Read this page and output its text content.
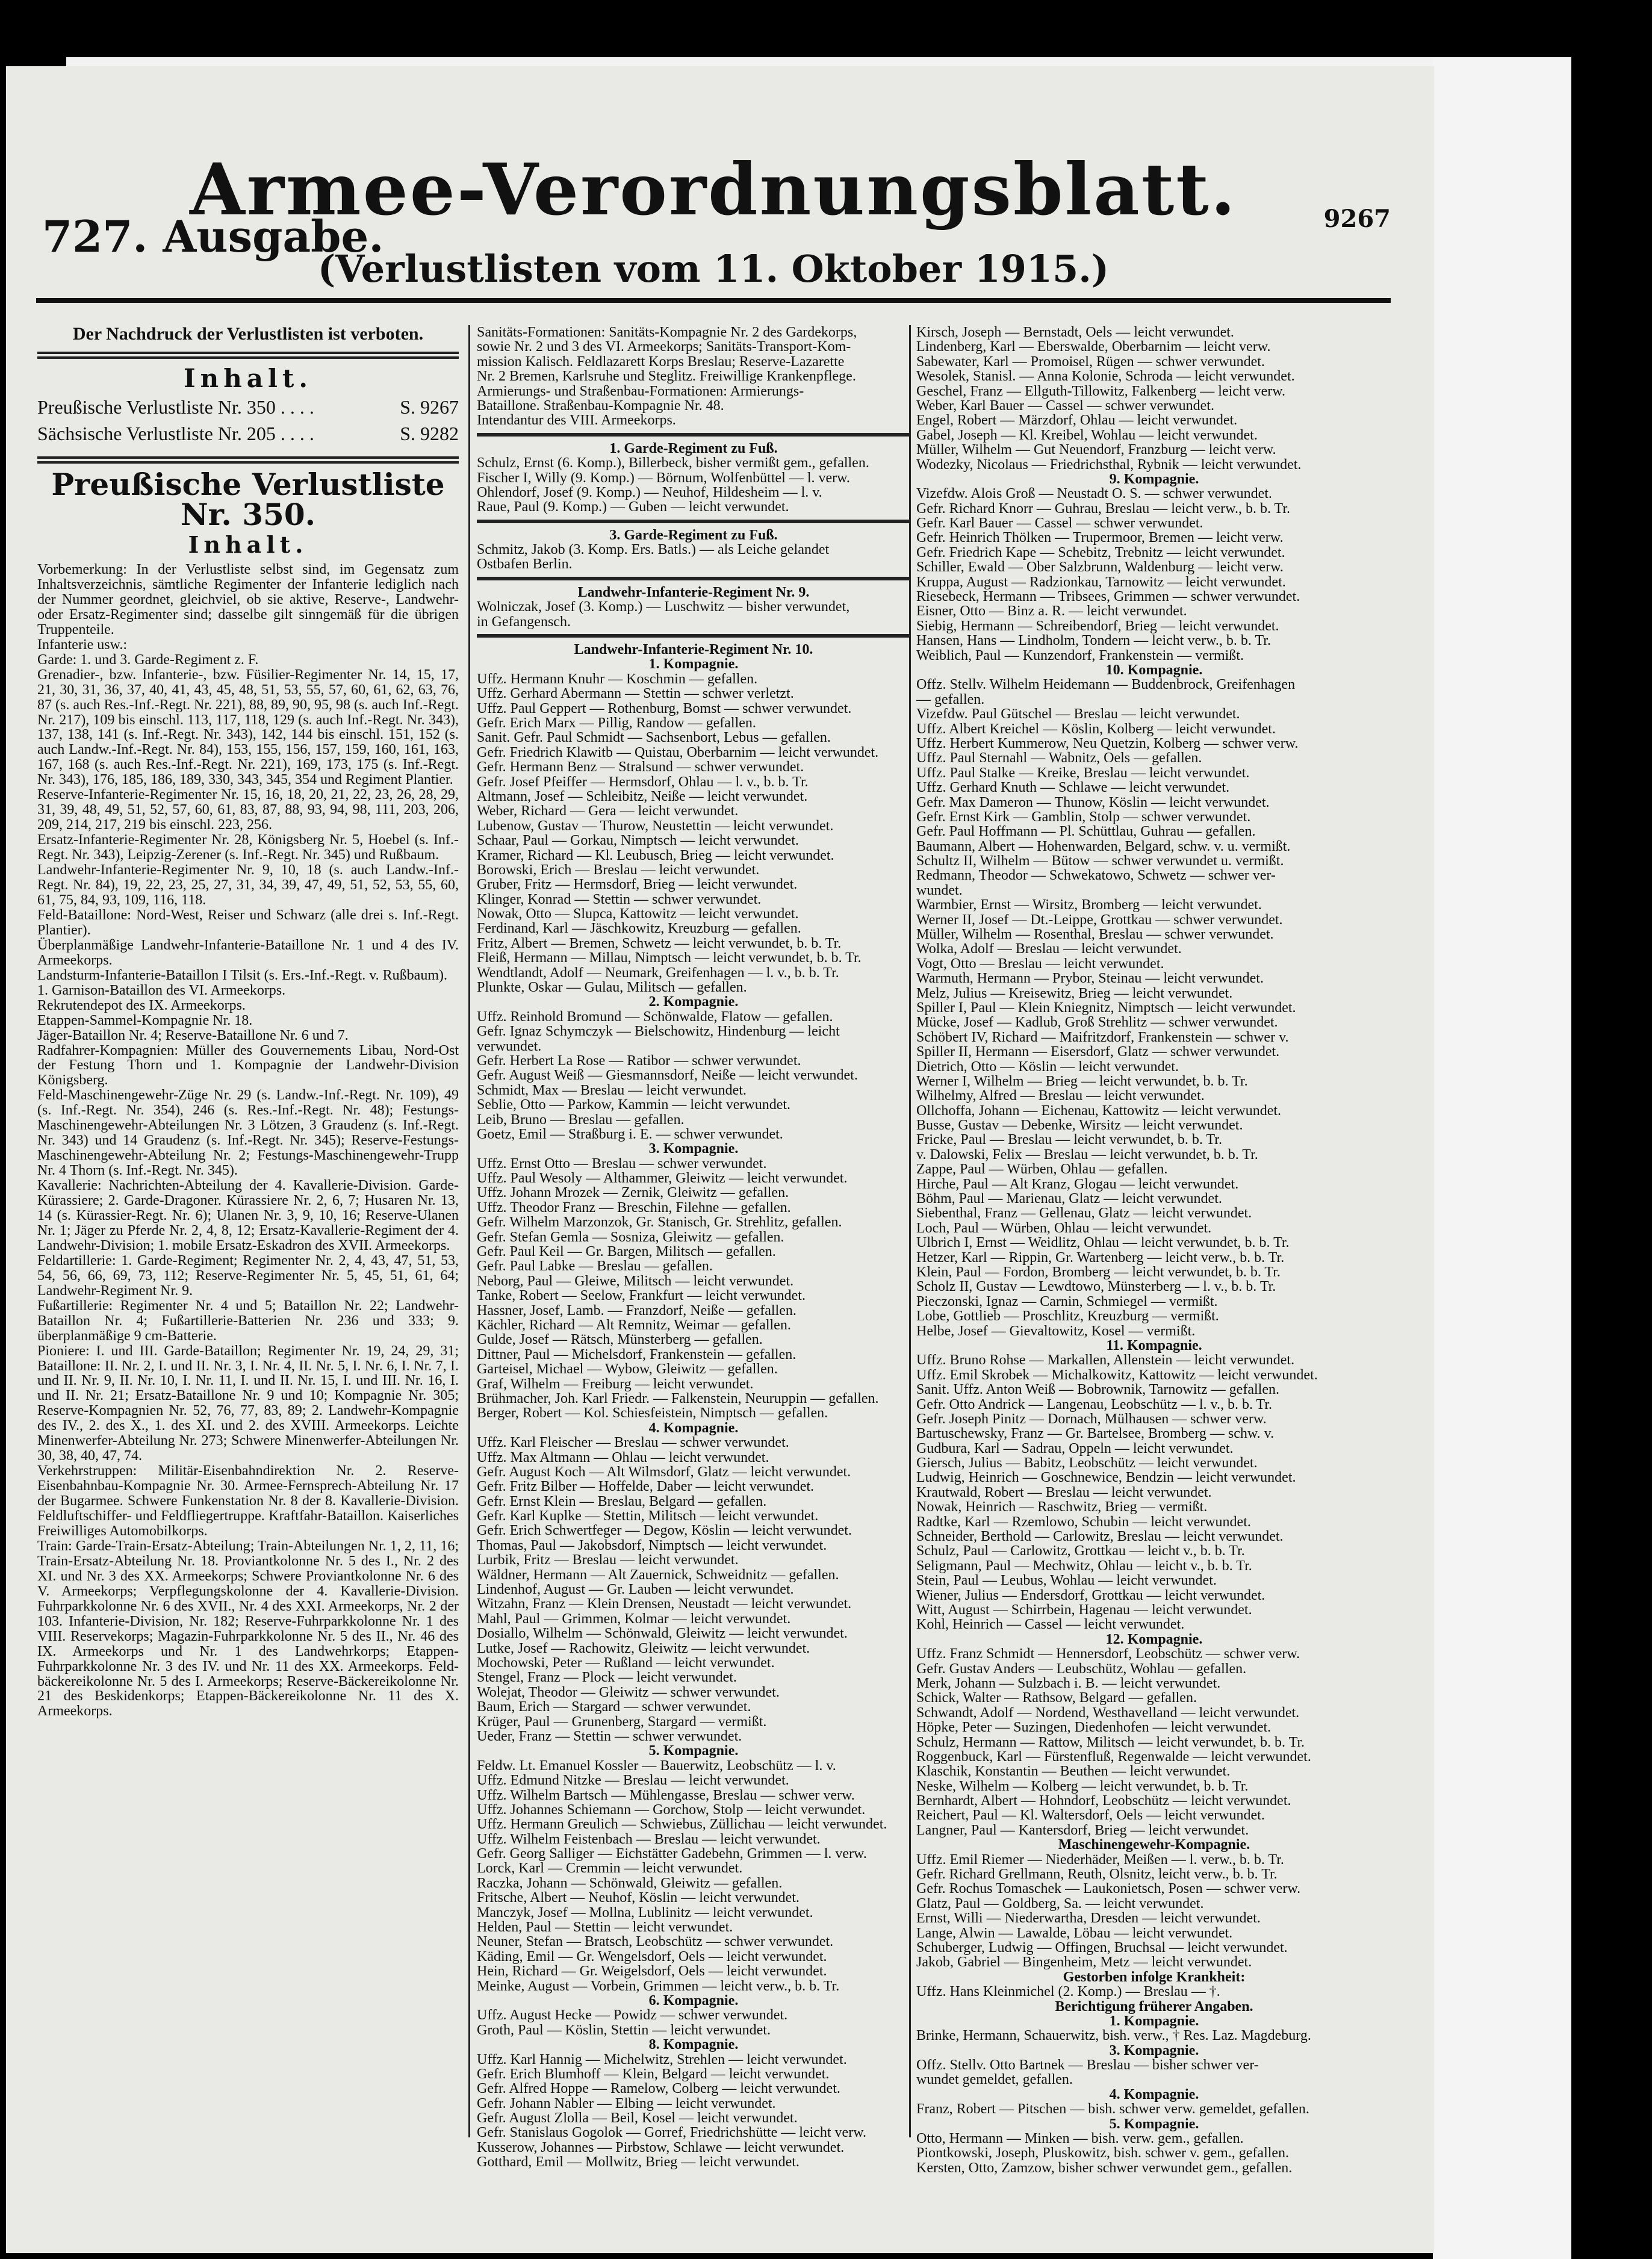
727. Ausgabe.
Armee-Verordnungsblatt.
(Verlustlisten vom 11. Oktober 1915.)
9267
Der Nachdruck der Verlustlisten ist verboten.
Inhalt.
Preußische Verlustliste Nr. 350 . . . .	S. 9267
Sächsische Verlustliste Nr. 205 . . . .	S. 9282
Preußische Verlustliste Nr. 350.
Inhalt.

Vorbemerkung: In der Verlustliste selbst sind, im Gegensatz zum Inhaltsverzeichnis, sämtliche Regimenter der Infanterie lediglich nach der Nummer geordnet, gleichviel, ob sie aktive, Reserve-, Landwehr- oder Ersatz-Regimenter sind; dasselbe gilt sinngemäß für die übrigen Truppenteile.

Infanterie usw.:

Garde: 1. und 3. Garde-Regiment z. F.

Grenadier-, bzw. Infanterie-, bzw. Füsilier-Regimenter Nr. 14, 15, 17, 21, 30, 31, 36, 37, 40, 41, 43, 45, 48, 51, 53, 55, 57, 60, 61, 62, 63, 76, 87 (s. auch Res.-Inf.-Regt. Nr. 221), 88, 89, 90, 95, 98 (s. auch Inf.-Regt. Nr. 217), 109 bis einschl. 113, 117, 118, 129 (s. auch Inf.-Regt. Nr. 343), 137, 138, 141 (s. Inf.-Regt. Nr. 343), 142, 144 bis einschl. 151, 152 (s. auch Landw.-Inf.-Regt. Nr. 84), 153, 155, 156, 157, 159, 160, 161, 163, 167, 168 (s. auch Res.-Inf.-Regt. Nr. 221), 169, 173, 175 (s. Inf.-Regt. Nr. 343), 176, 185, 186, 189, 330, 343, 345, 354 und Regiment Plantier.

Reserve-Infanterie-Regimenter Nr. 15, 16, 18, 20, 21, 22, 23, 26, 28, 29, 31, 39, 48, 49, 51, 52, 57, 60, 61, 83, 87, 88, 93, 94, 98, 111, 203, 206, 209, 214, 217, 219 bis einschl. 223, 256.

Ersatz-Infanterie-Regimenter Nr. 28, Königsberg Nr. 5, Hoebel (s. Inf.-Regt. Nr. 343), Leipzig-Zerener (s. Inf.-Regt. Nr. 345) und Rußbaum.

Landwehr-Infanterie-Regimenter Nr. 9, 10, 18 (s. auch Landw.-Inf.-Regt. Nr. 84), 19, 22, 23, 25, 27, 31, 34, 39, 47, 49, 51, 52, 53, 55, 60, 61, 75, 84, 93, 109, 116, 118.

Feld-Bataillone: Nord-West, Reiser und Schwarz (alle drei s. Inf.-Regt. Plantier).

Überplanmäßige Landwehr-Infanterie-Bataillone Nr. 1 und 4 des IV. Armeekorps.

Landsturm-Infanterie-Bataillon I Tilsit (s. Ers.-Inf.-Regt. v. Rußbaum).

1. Garnison-Bataillon des VI. Armeekorps.

Rekrutendepot des IX. Armeekorps.

Etappen-Sammel-Kompagnie Nr. 18.

Jäger-Bataillon Nr. 4; Reserve-Bataillone Nr. 6 und 7.

Radfahrer-Kompagnien: Müller des Gouvernements Libau, Nord-Ost der Festung Thorn und 1. Kompagnie der Landwehr-Division Königsberg.

Feld-Maschinengewehr-Züge Nr. 29 (s. Landw.-Inf.-Regt. Nr. 109), 49 (s. Inf.-Regt. Nr. 354), 246 (s. Res.-Inf.-Regt. Nr. 48); Festungs-Maschinengewehr-Abteilungen Nr. 3 Lötzen, 3 Graudenz (s. Inf.-Regt. Nr. 343) und 14 Graudenz (s. Inf.-Regt. Nr. 345); Reserve-Festungs-Maschinengewehr-Abteilung Nr. 2; Festungs-Maschinengewehr-Trupp Nr. 4 Thorn (s. Inf.-Regt. Nr. 345).

Kavallerie: Nachrichten-Abteilung der 4. Kavallerie-Division. Garde-Kürassiere; 2. Garde-Dragoner. Kürassiere Nr. 2, 6, 7; Husaren Nr. 13, 14 (s. Kürassier-Regt. Nr. 6); Ulanen Nr. 3, 9, 10, 16; Reserve-Ulanen Nr. 1; Jäger zu Pferde Nr. 2, 4, 8, 12; Ersatz-Kavallerie-Regiment der 4. Landwehr-Division; 1. mobile Ersatz-Eskadron des XVII. Armeekorps.

Feldartillerie: 1. Garde-Regiment; Regimenter Nr. 2, 4, 43, 47, 51, 53, 54, 56, 66, 69, 73, 112; Reserve-Regimenter Nr. 5, 45, 51, 61, 64; Landwehr-Regiment Nr. 9.

Fußartillerie: Regimenter Nr. 4 und 5; Bataillon Nr. 22; Landwehr-Bataillon Nr. 4; Fußartillerie-Batterien Nr. 236 und 333; 9. überplanmäßige 9 cm-Batterie.

Pioniere: I. und III. Garde-Bataillon; Regimenter Nr. 19, 24, 29, 31; Bataillone: II. Nr. 2, I. und II. Nr. 3, I. Nr. 4, II. Nr. 5, I. Nr. 6, I. Nr. 7, I. und II. Nr. 9, II. Nr. 10, I. Nr. 11, I. und II. Nr. 15, I. und III. Nr. 16, I. und II. Nr. 21; Ersatz-Bataillone Nr. 9 und 10; Kompagnie Nr. 305; Reserve-Kompagnien Nr. 52, 76, 77, 83, 89; 2. Landwehr-Kompagnie des IV., 2. des X., 1. des XI. und 2. des XVIII. Armeekorps. Leichte Minenwerfer-Abteilung Nr. 273; Schwere Minenwerfer-Abteilungen Nr. 30, 38, 40, 47, 74.

Verkehrstruppen: Militär-Eisenbahndirektion Nr. 2. Reserve-Eisenbahnbau-Kompagnie Nr. 30. Armee-Fernsprech-Abteilung Nr. 17 der Bugarmee. Schwere Funkenstation Nr. 8 der 8. Kavallerie-Division. Feldluftschiffer- und Feldfliegertruppe. Kraftfahr-Bataillon. Kaiserliches Freiwilliges Automobilkorps.

Train: Garde-Train-Ersatz-Abteilung; Train-Abteilungen Nr. 1, 2, 11, 16; Train-Ersatz-Abteilung Nr. 18. Proviantkolonne Nr. 5 des I., Nr. 2 des XI. und Nr. 3 des XX. Armeekorps; Schwere Proviantkolonne Nr. 6 des V. Armeekorps; Verpflegungskolonne der 4. Kavallerie-Division. Fuhrparkkolonne Nr. 6 des XVII., Nr. 4 des XXI. Armeekorps, Nr. 2 der 103. Infanterie-Division, Nr. 182; Reserve-Fuhrparkkolonne Nr. 1 des VIII. Reservekorps; Magazin-Fuhrparkkolonne Nr. 5 des II., Nr. 46 des IX. Armeekorps und Nr. 1 des Landwehrkorps; Etappen-Fuhrparkkolonne Nr. 3 des IV. und Nr. 11 des XX. Armeekorps. Feld-bäckereikolonne Nr. 5 des I. Armeekorps; Reserve-Bäckereikolonne Nr. 21 des Beskidenkorps; Etappen-Bäckereikolonne Nr. 11 des X. Armeekorps.

Sanitäts-Formationen: Sanitäts-Kompagnie Nr. 2 des Gardekorps,
sowie Nr. 2 und 3 des VI. Armeekorps; Sanitäts-Transport-Kom-
mission Kalisch. Feldlazarett Korps Breslau; Reserve-Lazarette
Nr. 2 Bremen, Karlsruhe und Steglitz. Freiwillige Krankenpflege.
Armierungs- und Straßenbau-Formationen: Armierungs-
Bataillone. Straßenbau-Kompagnie Nr. 48.
Intendantur des VIII. Armeekorps.
1. Garde-Regiment zu Fuß.
Schulz, Ernst (6. Komp.), Billerbeck, bisher vermißt gem., gefallen.
Fischer I, Willy (9. Komp.) — Börnum, Wolfenbüttel — l. verw.
Ohlendorf, Josef (9. Komp.) — Neuhof, Hildesheim — l. v.
Raue, Paul (9. Komp.) — Guben — leicht verwundet.
3. Garde-Regiment zu Fuß.
Schmitz, Jakob (3. Komp. Ers. Batls.) — als Leiche gelandet
Ostbafen Berlin.
Landwehr-Infanterie-Regiment Nr. 9.
Wolniczak, Josef (3. Komp.) — Luschwitz — bisher verwundet,
in Gefangensch.
Landwehr-Infanterie-Regiment Nr. 10.
1. Kompagnie.
Uffz. Hermann Knuhr — Koschmin — gefallen.
Uffz. Gerhard Abermann — Stettin — schwer verletzt.
Uffz. Paul Geppert — Rothenburg, Bomst — schwer verwundet.
Gefr. Erich Marx — Pillig, Randow — gefallen.
Sanit. Gefr. Paul Schmidt — Sachsenbort, Lebus — gefallen.
Gefr. Friedrich Klawitb — Quistau, Oberbarnim — leicht verwundet.
Gefr. Hermann Benz — Stralsund — schwer verwundet.
Gefr. Josef Pfeiffer — Hermsdorf, Ohlau — l. v., b. b. Tr.
Altmann, Josef — Schleibitz, Neiße — leicht verwundet.
Weber, Richard — Gera — leicht verwundet.
Lubenow, Gustav — Thurow, Neustettin — leicht verwundet.
Schaar, Paul — Gorkau, Nimptsch — leicht verwundet.
Kramer, Richard — Kl. Leubusch, Brieg — leicht verwundet.
Borowski, Erich — Breslau — leicht verwundet.
Gruber, Fritz — Hermsdorf, Brieg — leicht verwundet.
Klinger, Konrad — Stettin — schwer verwundet.
Nowak, Otto — Slupca, Kattowitz — leicht verwundet.
Ferdinand, Karl — Jäschkowitz, Kreuzburg — gefallen.
Fritz, Albert — Bremen, Schwetz — leicht verwundet, b. b. Tr.
Fleiß, Hermann — Millau, Nimptsch — leicht verwundet, b. b. Tr.
Wendtlandt, Adolf — Neumark, Greifenhagen — l. v., b. b. Tr.
Plunkte, Oskar — Gulau, Militsch — gefallen.
2. Kompagnie.
Uffz. Reinhold Bromund — Schönwalde, Flatow — gefallen.
Gefr. Ignaz Schymczyk — Bielschowitz, Hindenburg — leicht
verwundet.
Gefr. Herbert La Rose — Ratibor — schwer verwundet.
Gefr. August Weiß — Giesmannsdorf, Neiße — leicht verwundet.
Schmidt, Max — Breslau — leicht verwundet.
Seblie, Otto — Parkow, Kammin — leicht verwundet.
Leib, Bruno — Breslau — gefallen.
Goetz, Emil — Straßburg i. E. — schwer verwundet.
3. Kompagnie.
Uffz. Ernst Otto — Breslau — schwer verwundet.
Uffz. Paul Wesoly — Althammer, Gleiwitz — leicht verwundet.
Uffz. Johann Mrozek — Zernik, Gleiwitz — gefallen.
Uffz. Theodor Franz — Breschin, Filehne — gefallen.
Gefr. Wilhelm Marzonzok, Gr. Stanisch, Gr. Strehlitz, gefallen.
Gefr. Stefan Gemla — Sosniza, Gleiwitz — gefallen.
Gefr. Paul Keil — Gr. Bargen, Militsch — gefallen.
Gefr. Paul Labke — Breslau — gefallen.
Neborg, Paul — Gleiwe, Militsch — leicht verwundet.
Tanke, Robert — Seelow, Frankfurt — leicht verwundet.
Hassner, Josef, Lamb. — Franzdorf, Neiße — gefallen.
Kächler, Richard — Alt Remnitz, Weimar — gefallen.
Gulde, Josef — Rätsch, Münsterberg — gefallen.
Dittner, Paul — Michelsdorf, Frankenstein — gefallen.
Garteisel, Michael — Wybow, Gleiwitz — gefallen.
Graf, Wilhelm — Freiburg — leicht verwundet.
Brühmacher, Joh. Karl Friedr. — Falkenstein, Neuruppin — gefallen.
Berger, Robert — Kol. Schiesfeistein, Nimptsch — gefallen.
4. Kompagnie.
Uffz. Karl Fleischer — Breslau — schwer verwundet.
Uffz. Max Altmann — Ohlau — leicht verwundet.
Gefr. August Koch — Alt Wilmsdorf, Glatz — leicht verwundet.
Gefr. Fritz Bilber — Hoffelde, Daber — leicht verwundet.
Gefr. Ernst Klein — Breslau, Belgard — gefallen.
Gefr. Karl Kuplke — Stettin, Militsch — leicht verwundet.
Gefr. Erich Schwertfeger — Degow, Köslin — leicht verwundet.
Thomas, Paul — Jakobsdorf, Nimptsch — leicht verwundet.
Lurbik, Fritz — Breslau — leicht verwundet.
Wäldner, Hermann — Alt Zauernick, Schweidnitz — gefallen.
Lindenhof, August — Gr. Lauben — leicht verwundet.
Witzahn, Franz — Klein Drensen, Neustadt — leicht verwundet.
Mahl, Paul — Grimmen, Kolmar — leicht verwundet.
Dosiallo, Wilhelm — Schönwald, Gleiwitz — leicht verwundet.
Lutke, Josef — Rachowitz, Gleiwitz — leicht verwundet.
Mochowski, Peter — Rußland — leicht verwundet.
Stengel, Franz — Plock — leicht verwundet.
Wolejat, Theodor — Gleiwitz — schwer verwundet.
Baum, Erich — Stargard — schwer verwundet.
Krüger, Paul — Grunenberg, Stargard — vermißt.
Ueder, Franz — Stettin — schwer verwundet.
5. Kompagnie.
Feldw. Lt. Emanuel Kossler — Bauerwitz, Leobschütz — l. v.
Uffz. Edmund Nitzke — Breslau — leicht verwundet.
Uffz. Wilhelm Bartsch — Mühlengasse, Breslau — schwer verw.
Uffz. Johannes Schiemann — Gorchow, Stolp — leicht verwundet.
Uffz. Hermann Greulich — Schwiebus, Züllichau — leicht verwundet.
Uffz. Wilhelm Feistenbach — Breslau — leicht verwundet.
Gefr. Georg Salliger — Eichstätter Gadebehn, Grimmen — l. verw.
Lorck, Karl — Cremmin — leicht verwundet.
Raczka, Johann — Schönwald, Gleiwitz — gefallen.
Fritsche, Albert — Neuhof, Köslin — leicht verwundet.
Manczyk, Josef — Mollna, Lublinitz — leicht verwundet.
Helden, Paul — Stettin — leicht verwundet.
Neuner, Stefan — Bratsch, Leobschütz — schwer verwundet.
Käding, Emil — Gr. Wengelsdorf, Oels — leicht verwundet.
Hein, Richard — Gr. Weigelsdorf, Oels — leicht verwundet.
Meinke, August — Vorbein, Grimmen — leicht verw., b. b. Tr.
6. Kompagnie.
Uffz. August Hecke — Powidz — schwer verwundet.
Groth, Paul — Köslin, Stettin — leicht verwundet.
8. Kompagnie.
Uffz. Karl Hannig — Michelwitz, Strehlen — leicht verwundet.
Gefr. Erich Blumhoff — Klein, Belgard — leicht verwundet.
Gefr. Alfred Hoppe — Ramelow, Colberg — leicht verwundet.
Gefr. Johann Nabler — Elbing — leicht verwundet.
Gefr. August Zlolla — Beil, Kosel — leicht verwundet.
Gefr. Stanislaus Gogolok — Gorref, Friedrichshütte — leicht verw.
Kusserow, Johannes — Pirbstow, Schlawe — leicht verwundet.
Gotthard, Emil — Mollwitz, Brieg — leicht verwundet.
Kirsch, Joseph — Bernstadt, Oels — leicht verwundet.
Lindenberg, Karl — Eberswalde, Oberbarnim — leicht verw.
Sabewater, Karl — Promoisel, Rügen — schwer verwundet.
Wesolek, Stanisl. — Anna Kolonie, Schroda — leicht verwundet.
Geschel, Franz — Ellguth-Tillowitz, Falkenberg — leicht verw.
Weber, Karl Bauer — Cassel — schwer verwundet.
Engel, Robert — Märzdorf, Ohlau — leicht verwundet.
Gabel, Joseph — Kl. Kreibel, Wohlau — leicht verwundet.
Müller, Wilhelm — Gut Neuendorf, Franzburg — leicht verw.
Wodezky, Nicolaus — Friedrichsthal, Rybnik — leicht verwundet.
9. Kompagnie.
Vizefdw. Alois Groß — Neustadt O. S. — schwer verwundet.
Gefr. Richard Knorr — Guhrau, Breslau — leicht verw., b. b. Tr.
Gefr. Karl Bauer — Cassel — schwer verwundet.
Gefr. Heinrich Thölken — Trupermoor, Bremen — leicht verw.
Gefr. Friedrich Kape — Schebitz, Trebnitz — leicht verwundet.
Schiller, Ewald — Ober Salzbrunn, Waldenburg — leicht verw.
Kruppa, August — Radzionkau, Tarnowitz — leicht verwundet.
Riesebeck, Hermann — Tribsees, Grimmen — schwer verwundet.
Eisner, Otto — Binz a. R. — leicht verwundet.
Siebig, Hermann — Schreibendorf, Brieg — leicht verwundet.
Hansen, Hans — Lindholm, Tondern — leicht verw., b. b. Tr.
Weiblich, Paul — Kunzendorf, Frankenstein — vermißt.
10. Kompagnie.
Offz. Stellv. Wilhelm Heidemann — Buddenbrock, Greifenhagen
— gefallen.
Vizefdw. Paul Gütschel — Breslau — leicht verwundet.
Uffz. Albert Kreichel — Köslin, Kolberg — leicht verwundet.
Uffz. Herbert Kummerow, Neu Quetzin, Kolberg — schwer verw.
Uffz. Paul Sternahl — Wabnitz, Oels — gefallen.
Uffz. Paul Stalke — Kreike, Breslau — leicht verwundet.
Uffz. Gerhard Knuth — Schlawe — leicht verwundet.
Gefr. Max Dameron — Thunow, Köslin — leicht verwundet.
Gefr. Ernst Kirk — Gamblin, Stolp — schwer verwundet.
Gefr. Paul Hoffmann — Pl. Schüttlau, Guhrau — gefallen.
Baumann, Albert — Hohenwarden, Belgard, schw. v. u. vermißt.
Schultz II, Wilhelm — Bütow — schwer verwundet u. vermißt.
Redmann, Theodor — Schwekatowo, Schwetz — schwer ver-
wundet.
Warmbier, Ernst — Wirsitz, Bromberg — leicht verwundet.
Werner II, Josef — Dt.-Leippe, Grottkau — schwer verwundet.
Müller, Wilhelm — Rosenthal, Breslau — schwer verwundet.
Wolka, Adolf — Breslau — leicht verwundet.
Vogt, Otto — Breslau — leicht verwundet.
Warmuth, Hermann — Prybor, Steinau — leicht verwundet.
Melz, Julius — Kreisewitz, Brieg — leicht verwundet.
Spiller I, Paul — Klein Kniegnitz, Nimptsch — leicht verwundet.
Mücke, Josef — Kadlub, Groß Strehlitz — schwer verwundet.
Schöbert IV, Richard — Maifritzdorf, Frankenstein — schwer v.
Spiller II, Hermann — Eisersdorf, Glatz — schwer verwundet.
Dietrich, Otto — Köslin — leicht verwundet.
Werner I, Wilhelm — Brieg — leicht verwundet, b. b. Tr.
Wilhelmy, Alfred — Breslau — leicht verwundet.
Ollchoffa, Johann — Eichenau, Kattowitz — leicht verwundet.
Busse, Gustav — Debenke, Wirsitz — leicht verwundet.
Fricke, Paul — Breslau — leicht verwundet, b. b. Tr.
v. Dalowski, Felix — Breslau — leicht verwundet, b. b. Tr.
Zappe, Paul — Würben, Ohlau — gefallen.
Hirche, Paul — Alt Kranz, Glogau — leicht verwundet.
Böhm, Paul — Marienau, Glatz — leicht verwundet.
Siebenthal, Franz — Gellenau, Glatz — leicht verwundet.
Loch, Paul — Würben, Ohlau — leicht verwundet.
Ulbrich I, Ernst — Weidlitz, Ohlau — leicht verwundet, b. b. Tr.
Hetzer, Karl — Rippin, Gr. Wartenberg — leicht verw., b. b. Tr.
Klein, Paul — Fordon, Bromberg — leicht verwundet, b. b. Tr.
Scholz II, Gustav — Lewdtowo, Münsterberg — l. v., b. b. Tr.
Pieczonski, Ignaz — Carnin, Schmiegel — vermißt.
Lobe, Gottlieb — Proschlitz, Kreuzburg — vermißt.
Helbe, Josef — Gievaltowitz, Kosel — vermißt.
11. Kompagnie.
Uffz. Bruno Rohse — Markallen, Allenstein — leicht verwundet.
Uffz. Emil Skrobek — Michalkowitz, Kattowitz — leicht verwundet.
Sanit. Uffz. Anton Weiß — Bobrownik, Tarnowitz — gefallen.
Gefr. Otto Andrick — Langenau, Leobschütz — l. v., b. b. Tr.
Gefr. Joseph Pinitz — Dornach, Mülhausen — schwer verw.
Bartuschewsky, Franz — Gr. Bartelsee, Bromberg — schw. v.
Gudbura, Karl — Sadrau, Oppeln — leicht verwundet.
Giersch, Julius — Babitz, Leobschütz — leicht verwundet.
Ludwig, Heinrich — Goschnewice, Bendzin — leicht verwundet.
Krautwald, Robert — Breslau — leicht verwundet.
Nowak, Heinrich — Raschwitz, Brieg — vermißt.
Radtke, Karl — Rzemlowo, Schubin — leicht verwundet.
Schneider, Berthold — Carlowitz, Breslau — leicht verwundet.
Schulz, Paul — Carlowitz, Grottkau — leicht v., b. b. Tr.
Seligmann, Paul — Mechwitz, Ohlau — leicht v., b. b. Tr.
Stein, Paul — Leubus, Wohlau — leicht verwundet.
Wiener, Julius — Endersdorf, Grottkau — leicht verwundet.
Witt, August — Schirrbein, Hagenau — leicht verwundet.
Kohl, Heinrich — Cassel — leicht verwundet.
12. Kompagnie.
Uffz. Franz Schmidt — Hennersdorf, Leobschütz — schwer verw.
Gefr. Gustav Anders — Leubschütz, Wohlau — gefallen.
Merk, Johann — Sulzbach i. B. — leicht verwundet.
Schick, Walter — Rathsow, Belgard — gefallen.
Schwandt, Adolf — Nordend, Westhavelland — leicht verwundet.
Höpke, Peter — Suzingen, Diedenhofen — leicht verwundet.
Schulz, Hermann — Rattow, Militsch — leicht verwundet, b. b. Tr.
Roggenbuck, Karl — Fürstenfluß, Regenwalde — leicht verwundet.
Klaschik, Konstantin — Beuthen — leicht verwundet.
Neske, Wilhelm — Kolberg — leicht verwundet, b. b. Tr.
Bernhardt, Albert — Hohndorf, Leobschütz — leicht verwundet.
Reichert, Paul — Kl. Waltersdorf, Oels — leicht verwundet.
Langner, Paul — Kantersdorf, Brieg — leicht verwundet.
Maschinengewehr-Kompagnie.
Uffz. Emil Riemer — Niederhäder, Meißen — l. verw., b. b. Tr.
Gefr. Richard Grellmann, Reuth, Olsnitz, leicht verw., b. b. Tr.
Gefr. Rochus Tomaschek — Laukonietsch, Posen — schwer verw.
Glatz, Paul — Goldberg, Sa. — leicht verwundet.
Ernst, Willi — Niederwartha, Dresden — leicht verwundet.
Lange, Alwin — Lawalde, Löbau — leicht verwundet.
Schuberger, Ludwig — Offingen, Bruchsal — leicht verwundet.
Jakob, Gabriel — Bingenheim, Metz — leicht verwundet.
Gestorben infolge Krankheit:
Uffz. Hans Kleinmichel (2. Komp.) — Breslau — †.
Berichtigung früherer Angaben.
1. Kompagnie.
Brinke, Hermann, Schauerwitz, bish. verw., † Res. Laz. Magdeburg.
3. Kompagnie.
Offz. Stellv. Otto Bartnek — Breslau — bisher schwer ver-
wundet gemeldet, gefallen.
4. Kompagnie.
Franz, Robert — Pitschen — bish. schwer verw. gemeldet, gefallen.
5. Kompagnie.
Otto, Hermann — Minken — bish. verw. gem., gefallen.
Piontkowski, Joseph, Pluskowitz, bish. schwer v. gem., gefallen.
Kersten, Otto, Zamzow, bisher schwer verwundet gem., gefallen.
